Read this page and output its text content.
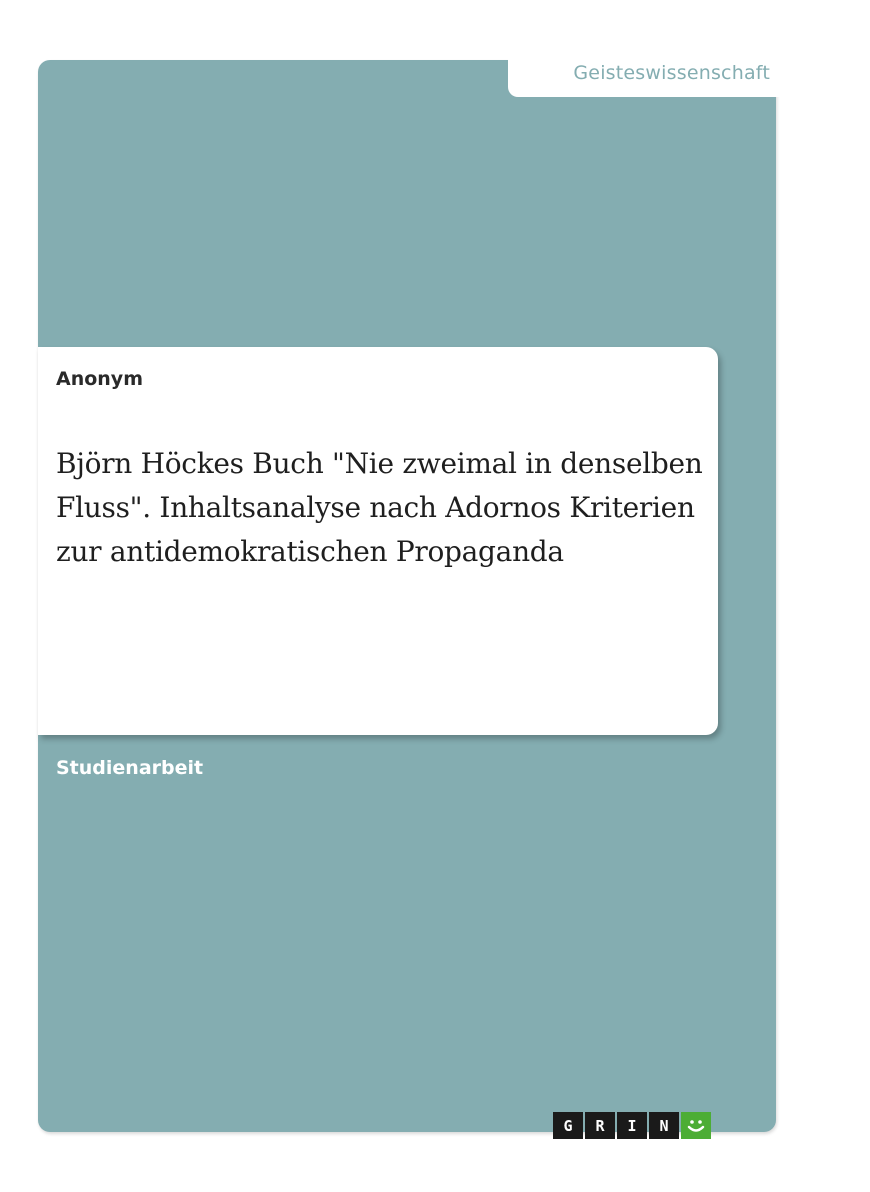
Geisteswissenschaft
Anonym
Björn Höckes Buch "Nie zweimal in denselben Fluss". Inhaltsanalyse nach Adornos Kriterien zur antidemokratischen Propaganda
Studienarbeit
G	R	I	N
